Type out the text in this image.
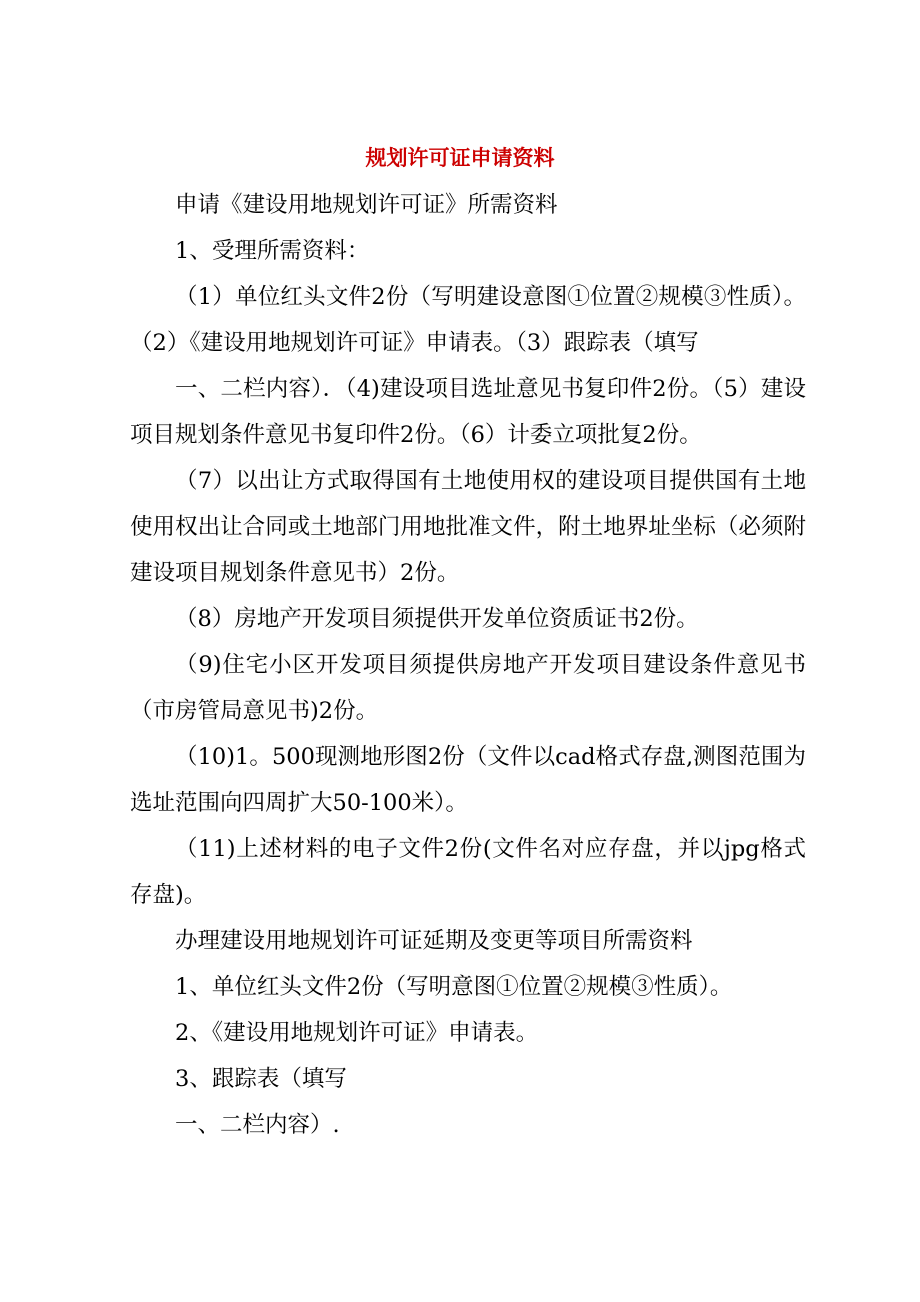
规划许可证申请资料

申请《建设用地规划许可证》所需资料

1、受理所需资料：

（1）单位红头文件2份（写明建设意图①位置②规模③性质）。（2）《建设用地规划许可证》申请表。（3）跟踪表（填写

一、二栏内容）．（4)建设项目选址意见书复印件2份。（5）建设项目规划条件意见书复印件2份。（6）计委立项批复2份。

（7）以出让方式取得国有土地使用权的建设项目提供国有土地使用权出让合同或土地部门用地批准文件，附土地界址坐标（必须附建设项目规划条件意见书）2份。

（8）房地产开发项目须提供开发单位资质证书2份。

（9)住宅小区开发项目须提供房地产开发项目建设条件意见书（市房管局意见书)2份。

（10)1。500现测地形图2份（文件以cad格式存盘,测图范围为选址范围向四周扩大50-100米）。

（11)上述材料的电子文件2份(文件名对应存盘，并以jpg格式存盘)。

办理建设用地规划许可证延期及变更等项目所需资料

1、单位红头文件2份（写明意图①位置②规模③性质）。

2、《建设用地规划许可证》申请表。

3、跟踪表（填写

一、二栏内容）.
